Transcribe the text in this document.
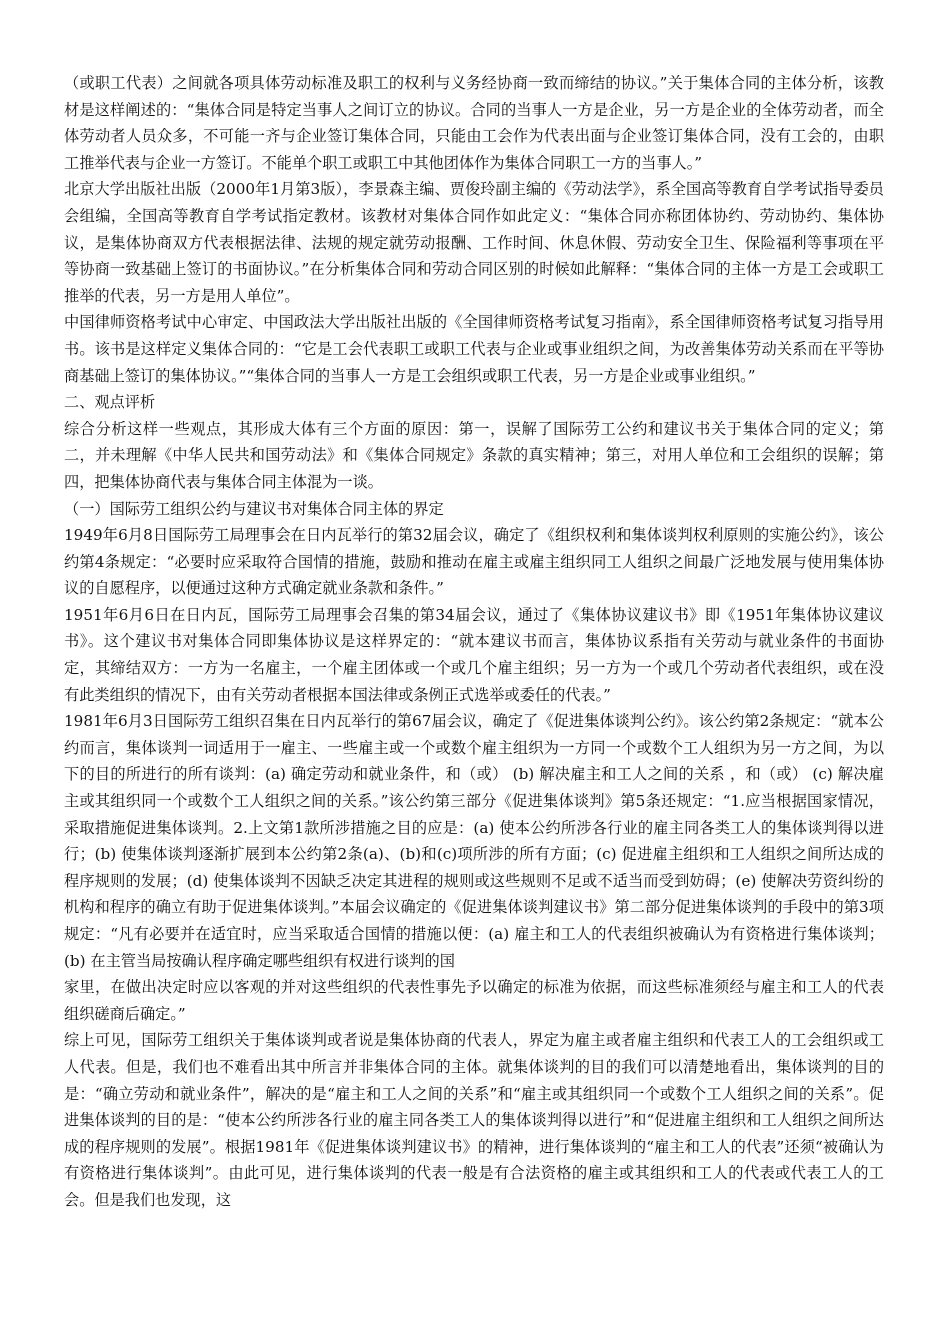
（或职工代表）之间就各项具体劳动标准及职工的权利与义务经协商一致而缔结的协议。”关于集体合同的主体分析，该教材是这样阐述的：“集体合同是特定当事人之间订立的协议。合同的当事人一方是企业，另一方是企业的全体劳动者，而全体劳动者人员众多，不可能一齐与企业签订集体合同，只能由工会作为代表出面与企业签订集体合同，没有工会的，由职工推举代表与企业一方签订。不能单个职工或职工中其他团体作为集体合同职工一方的当事人。”

北京大学出版社出版（2000年1月第3版），李景森主编、贾俊玲副主编的《劳动法学》，系全国高等教育自学考试指导委员会组编，全国高等教育自学考试指定教材。该教材对集体合同作如此定义：“集体合同亦称团体协约、劳动协约、集体协议，是集体协商双方代表根据法律、法规的规定就劳动报酬、工作时间、休息休假、劳动安全卫生、保险福利等事项在平等协商一致基础上签订的书面协议。”在分析集体合同和劳动合同区别的时候如此解释：“集体合同的主体一方是工会或职工推举的代表，另一方是用人单位”。

中国律师资格考试中心审定、中国政法大学出版社出版的《全国律师资格考试复习指南》，系全国律师资格考试复习指导用书。该书是这样定义集体合同的：“它是工会代表职工或职工代表与企业或事业组织之间，为改善集体劳动关系而在平等协商基础上签订的集体协议。”“集体合同的当事人一方是工会组织或职工代表，另一方是企业或事业组织。”

二、观点评析

综合分析这样一些观点，其形成大体有三个方面的原因：第一，误解了国际劳工公约和建议书关于集体合同的定义；第二，并未理解《中华人民共和国劳动法》和《集体合同规定》条款的真实精神；第三，对用人单位和工会组织的误解；第四，把集体协商代表与集体合同主体混为一谈。

（一）国际劳工组织公约与建议书对集体合同主体的界定

1949年6月8日国际劳工局理事会在日内瓦举行的第32届会议，确定了《组织权利和集体谈判权利原则的实施公约》，该公约第4条规定：“必要时应采取符合国情的措施，鼓励和推动在雇主或雇主组织同工人组织之间最广泛地发展与使用集体协议的自愿程序，以便通过这种方式确定就业条款和条件。”

1951年6月6日在日内瓦，国际劳工局理事会召集的第34届会议，通过了《集体协议建议书》即《1951年集体协议建议书》。这个建议书对集体合同即集体协议是这样界定的：“就本建议书而言，集体协议系指有关劳动与就业条件的书面协定，其缔结双方：一方为一名雇主，一个雇主团体或一个或几个雇主组织；另一方为一个或几个劳动者代表组织，或在没有此类组织的情况下，由有关劳动者根据本国法律或条例正式选举或委任的代表。”

1981年6月3日国际劳工组织召集在日内瓦举行的第67届会议，确定了《促进集体谈判公约》。该公约第2条规定：“就本公约而言，集体谈判一词适用于一雇主、一些雇主或一个或数个雇主组织为一方同一个或数个工人组织为另一方之间，为以下的目的所进行的所有谈判：(a) 确定劳动和就业条件，和（或） (b) 解决雇主和工人之间的关系 ，和（或） (c) 解决雇主或其组织同一个或数个工人组织之间的关系。”该公约第三部分《促进集体谈判》第5条还规定：“1.应当根据国家情况，采取措施促进集体谈判。2.上文第1款所涉措施之目的应是：(a) 使本公约所涉各行业的雇主同各类工人的集体谈判得以进行；(b) 使集体谈判逐渐扩展到本公约第2条(a)、(b)和(c)项所涉的所有方面；(c) 促进雇主组织和工人组织之间所达成的程序规则的发展；(d) 使集体谈判不因缺乏决定其进程的规则或这些规则不足或不适当而受到妨碍；(e) 使解决劳资纠纷的机构和程序的确立有助于促进集体谈判。”本届会议确定的《促进集体谈判建议书》第二部分促进集体谈判的手段中的第3项规定：“凡有必要并在适宜时，应当采取适合国情的措施以便：(a) 雇主和工人的代表组织被确认为有资格进行集体谈判；(b) 在主管当局按确认程序确定哪些组织有权进行谈判的国

家里，在做出决定时应以客观的并对这些组织的代表性事先予以确定的标准为依据，而这些标准须经与雇主和工人的代表组织磋商后确定。”

综上可见，国际劳工组织关于集体谈判或者说是集体协商的代表人，界定为雇主或者雇主组织和代表工人的工会组织或工人代表。但是，我们也不难看出其中所言并非集体合同的主体。就集体谈判的目的我们可以清楚地看出，集体谈判的目的是：“确立劳动和就业条件”，解决的是“雇主和工人之间的关系”和“雇主或其组织同一个或数个工人组织之间的关系”。促进集体谈判的目的是：“使本公约所涉各行业的雇主同各类工人的集体谈判得以进行”和“促进雇主组织和工人组织之间所达成的程序规则的发展”。根据1981年《促进集体谈判建议书》的精神，进行集体谈判的“雇主和工人的代表”还须“被确认为有资格进行集体谈判”。由此可见，进行集体谈判的代表一般是有合法资格的雇主或其组织和工人的代表或代表工人的工会。但是我们也发现，这
